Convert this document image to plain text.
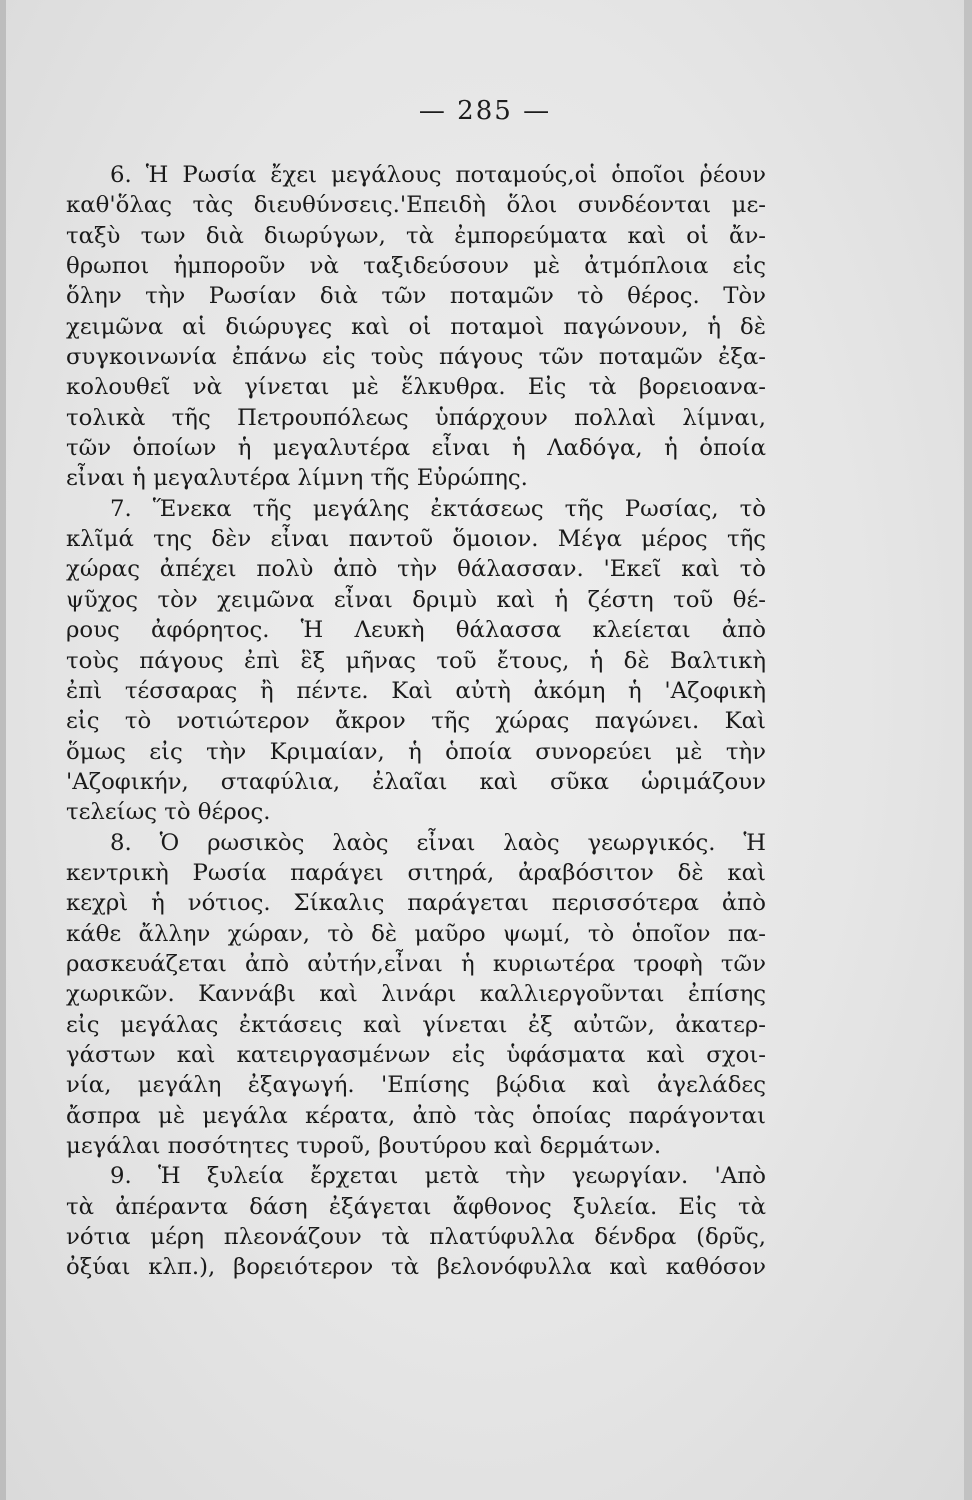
— 285 —
6. Ἡ Ρωσία ἔχει μεγάλους ποταμούς,οἱ ὁποῖοι ῥέουν
καθ'ὅλας τὰς διευθύνσεις.'Επειδὴ ὅλοι συνδέονται με-
ταξὺ των διὰ διωρύγων, τὰ ἐμπορεύματα καὶ οἱ ἄν-
θρωποι ἠμποροῦν νὰ ταξιδεύσουν μὲ ἀτμόπλοια εἰς
ὅλην τὴν Ρωσίαν διὰ τῶν ποταμῶν τὸ θέρος. Τὸν
χειμῶνα αἱ διώρυγες καὶ οἱ ποταμοὶ παγώνουν, ἡ δὲ
συγκοινωνία ἐπάνω εἰς τοὺς πάγους τῶν ποταμῶν ἐξα-
κολουθεῖ νὰ γίνεται μὲ ἕλκυθρα. Εἰς τὰ βορειοανα-
τολικὰ τῆς Πετρουπόλεως ὑπάρχουν πολλαὶ λίμναι,
τῶν ὁποίων ἡ μεγαλυτέρα εἶναι ἡ Λαδόγα, ἡ ὁποία
εἶναι ἡ μεγαλυτέρα λίμνη τῆς Εὐρώπης.
7. Ἕνεκα τῆς μεγάλης ἐκτάσεως τῆς Ρωσίας, τὸ
κλῖμά της δὲν εἶναι παντοῦ ὅμοιον. Μέγα μέρος τῆς
χώρας ἀπέχει πολὺ ἀπὸ τὴν θάλασσαν. 'Εκεῖ καὶ τὸ
ψῦχος τὸν χειμῶνα εἶναι δριμὺ καὶ ἡ ζέστη τοῦ θέ-
ρους ἀφόρητος. Ἡ Λευκὴ θάλασσα κλείεται ἀπὸ
τοὺς πάγους ἐπὶ ἓξ μῆνας τοῦ ἔτους, ἡ δὲ Βαλτικὴ
ἐπὶ τέσσαρας ἢ πέντε. Καὶ αὐτὴ ἀκόμη ἡ 'Αζοφικὴ
εἰς τὸ νοτιώτερον ἄκρον τῆς χώρας παγώνει. Καὶ
ὅμως εἰς τὴν Κριμαίαν, ἡ ὁποία συνορεύει μὲ τὴν
'Αζοφικήν, σταφύλια, ἐλαῖαι καὶ σῦκα ὡριμάζουν
τελείως τὸ θέρος.
8. Ὁ ρωσικὸς λαὸς εἶναι λαὸς γεωργικός. Ἡ
κεντρικὴ Ρωσία παράγει σιτηρά, ἀραβόσιτον δὲ καὶ
κεχρὶ ἡ νότιος. Σίκαλις παράγεται περισσότερα ἀπὸ
κάθε ἄλλην χώραν, τὸ δὲ μαῦρο ψωμί, τὸ ὁποῖον πα-
ρασκευάζεται ἀπὸ αὐτήν,εἶναι ἡ κυριωτέρα τροφὴ τῶν
χωρικῶν. Καννάβι καὶ λινάρι καλλιεργοῦνται ἐπίσης
εἰς μεγάλας ἐκτάσεις καὶ γίνεται ἐξ αὐτῶν, ἀκατερ-
γάστων καὶ κατειργασμένων εἰς ὑφάσματα καὶ σχοι-
νία, μεγάλη ἐξαγωγή. 'Επίσης βῴδια καὶ ἀγελάδες
ἄσπρα μὲ μεγάλα κέρατα, ἀπὸ τὰς ὁποίας παράγονται
μεγάλαι ποσότητες τυροῦ, βουτύρου καὶ δερμάτων.
9. Ἡ ξυλεία ἔρχεται μετὰ τὴν γεωργίαν. 'Απὸ
τὰ ἀπέραντα δάση ἐξάγεται ἄφθονος ξυλεία. Εἰς τὰ
νότια μέρη πλεονάζουν τὰ πλατύφυλλα δένδρα (δρῦς,
ὀξύαι κλπ.), βορειότερον τὰ βελονόφυλλα καὶ καθόσον
